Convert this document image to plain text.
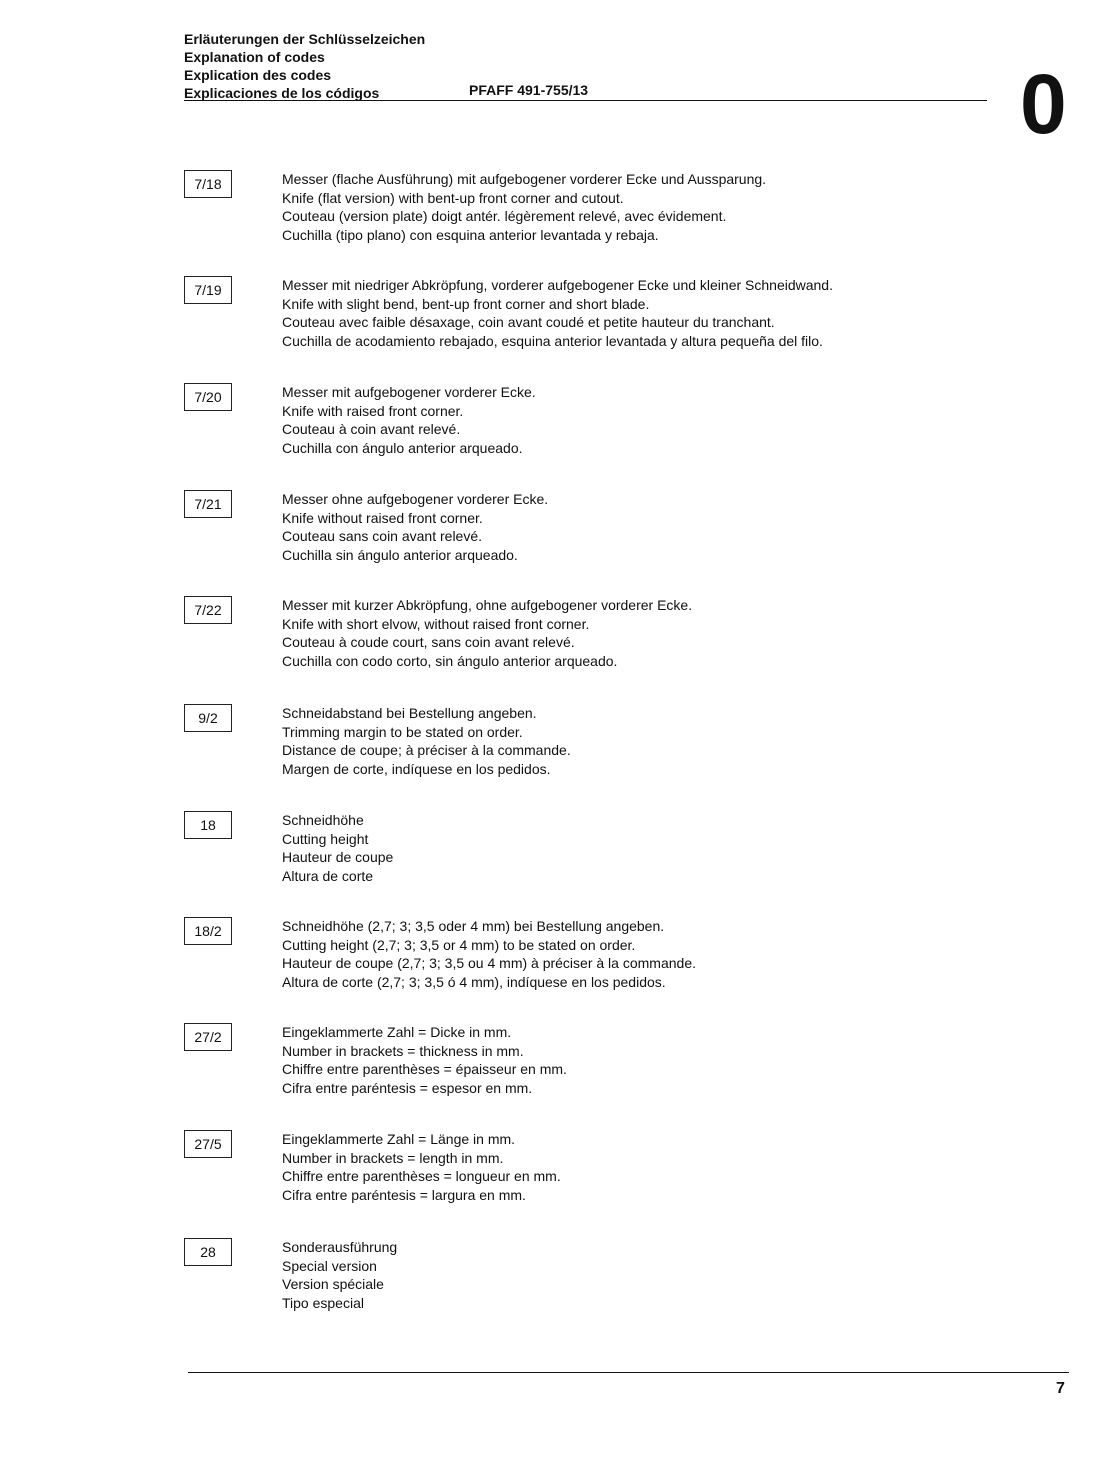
Erläuterungen der Schlüsselzeichen
Explanation of codes
Explication des codes
Explicaciones de los códigos	PFAFF 491-755/13	0
7/18	Messer (flache Ausführung) mit aufgebogener vorderer Ecke und Aussparung.
Knife (flat version) with bent-up front corner and cutout.
Couteau (version plate) doigt antér. légèrement relevé, avec évidement.
Cuchilla (tipo plano) con esquina anterior levantada y rebaja.
7/19	Messer mit niedriger Abkröpfung, vorderer aufgebogener Ecke und kleiner Schneidwand.
Knife with slight bend, bent-up front corner and short blade.
Couteau avec faible désaxage, coin avant coudé et petite hauteur du tranchant.
Cuchilla de acodamiento rebajado, esquina anterior levantada y altura pequeña del filo.
7/20	Messer mit aufgebogener vorderer Ecke.
Knife with raised front corner.
Couteau à coin avant relevé.
Cuchilla con ángulo anterior arqueado.
7/21	Messer ohne aufgebogener vorderer Ecke.
Knife without raised front corner.
Couteau sans coin avant relevé.
Cuchilla sin ángulo anterior arqueado.
7/22	Messer mit kurzer Abkröpfung, ohne aufgebogener vorderer Ecke.
Knife with short elvow, without raised front corner.
Couteau à coude court, sans coin avant relevé.
Cuchilla con codo corto, sin ángulo anterior arqueado.
9/2	Schneidabstand bei Bestellung angeben.
Trimming margin to be stated on order.
Distance de coupe; à préciser à la commande.
Margen de corte, indíquese en los pedidos.
18	Schneidhöhe
Cutting height
Hauteur de coupe
Altura de corte
18/2	Schneidhöhe (2,7; 3; 3,5 oder 4 mm) bei Bestellung angeben.
Cutting height (2,7; 3; 3,5 or 4 mm) to be stated on order.
Hauteur de coupe (2,7; 3; 3,5 ou 4 mm) à préciser à la commande.
Altura de corte (2,7; 3; 3,5 ó 4 mm), indíquese en los pedidos.
27/2	Eingeklammerte Zahl = Dicke in mm.
Number in brackets = thickness in mm.
Chiffre entre parenthèses = épaisseur en mm.
Cifra entre paréntesis = espesor en mm.
27/5	Eingeklammerte Zahl = Länge in mm.
Number in brackets = length in mm.
Chiffre entre parenthèses = longueur en mm.
Cifra entre paréntesis = largura en mm.
28	Sonderausführung
Special version
Version spéciale
Tipo especial
7
